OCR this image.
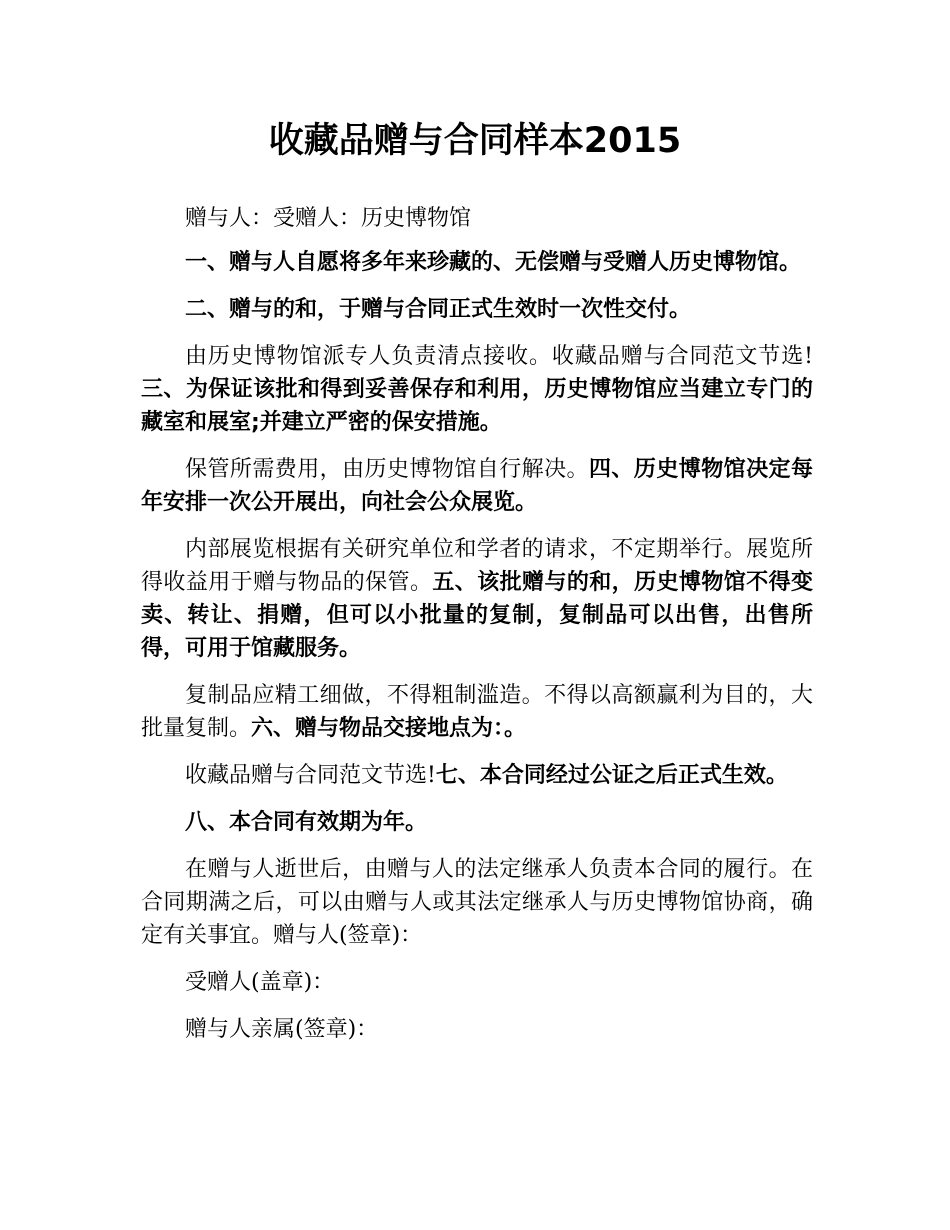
收藏品赠与合同样本2015

赠与人：受赠人：历史博物馆

一、赠与人自愿将多年来珍藏的、无偿赠与受赠人历史博物馆。

二、赠与的和，于赠与合同正式生效时一次性交付。

由历史博物馆派专人负责清点接收。收藏品赠与合同范文节选!三、为保证该批和得到妥善保存和利用，历史博物馆应当建立专门的藏室和展室;并建立严密的保安措施。

保管所需费用，由历史博物馆自行解决。四、历史博物馆决定每年安排一次公开展出，向社会公众展览。

内部展览根据有关研究单位和学者的请求，不定期举行。展览所得收益用于赠与物品的保管。五、该批赠与的和，历史博物馆不得变卖、转让、捐赠，但可以小批量的复制，复制品可以出售，出售所得，可用于馆藏服务。

复制品应精工细做，不得粗制滥造。不得以高额赢利为目的，大批量复制。六、赠与物品交接地点为：。

收藏品赠与合同范文节选!七、本合同经过公证之后正式生效。

八、本合同有效期为年。

在赠与人逝世后，由赠与人的法定继承人负责本合同的履行。在合同期满之后，可以由赠与人或其法定继承人与历史博物馆协商，确定有关事宜。赠与人(签章)：

受赠人(盖章)：

赠与人亲属(签章)：
